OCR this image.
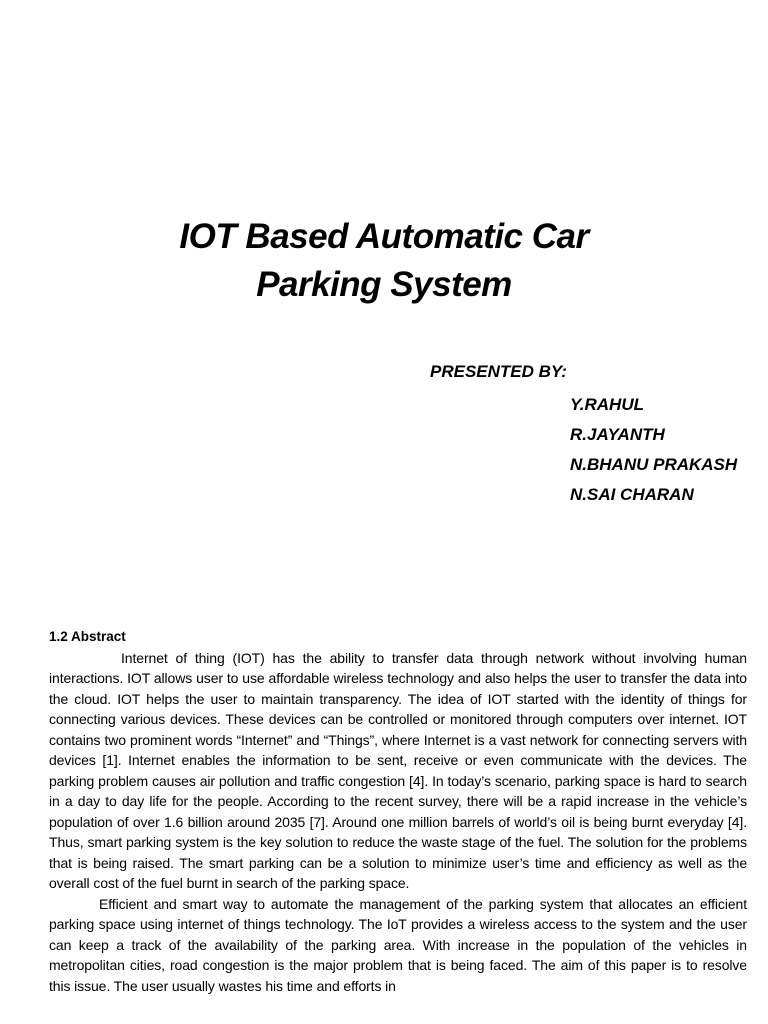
IOT Based Automatic Car
Parking System
PRESENTED BY:
Y.RAHUL
R.JAYANTH
N.BHANU PRAKASH
N.SAI CHARAN
1.2 Abstract

Internet of thing (IOT) has the ability to transfer data through network without involving human interactions. IOT allows user to use affordable wireless technology and also helps the user to transfer the data into the cloud. IOT helps the user to maintain transparency. The idea of IOT started with the identity of things for connecting various devices. These devices can be controlled or monitored through computers over internet. IOT contains two prominent words “Internet” and “Things”, where Internet is a vast network for connecting servers with devices [1]. Internet enables the information to be sent, receive or even communicate with the devices. The parking problem causes air pollution and traffic congestion [4]. In today’s scenario, parking space is hard to search in a day to day life for the people. According to the recent survey, there will be a rapid increase in the vehicle’s population of over 1.6 billion around 2035 [7]. Around one million barrels of world’s oil is being burnt everyday [4]. Thus, smart parking system is the key solution to reduce the waste stage of the fuel. The solution for the problems that is being raised. The smart parking can be a solution to minimize user’s time and efficiency as well as the overall cost of the fuel burnt in search of the parking space.

Efficient and smart way to automate the management of the parking system that allocates an efficient parking space using internet of things technology. The IoT provides a wireless access to the system and the user can keep a track of the availability of the parking area. With increase in the population of the vehicles in metropolitan cities, road congestion is the major problem that is being faced. The aim of this paper is to resolve this issue. The user usually wastes his time and efforts in
